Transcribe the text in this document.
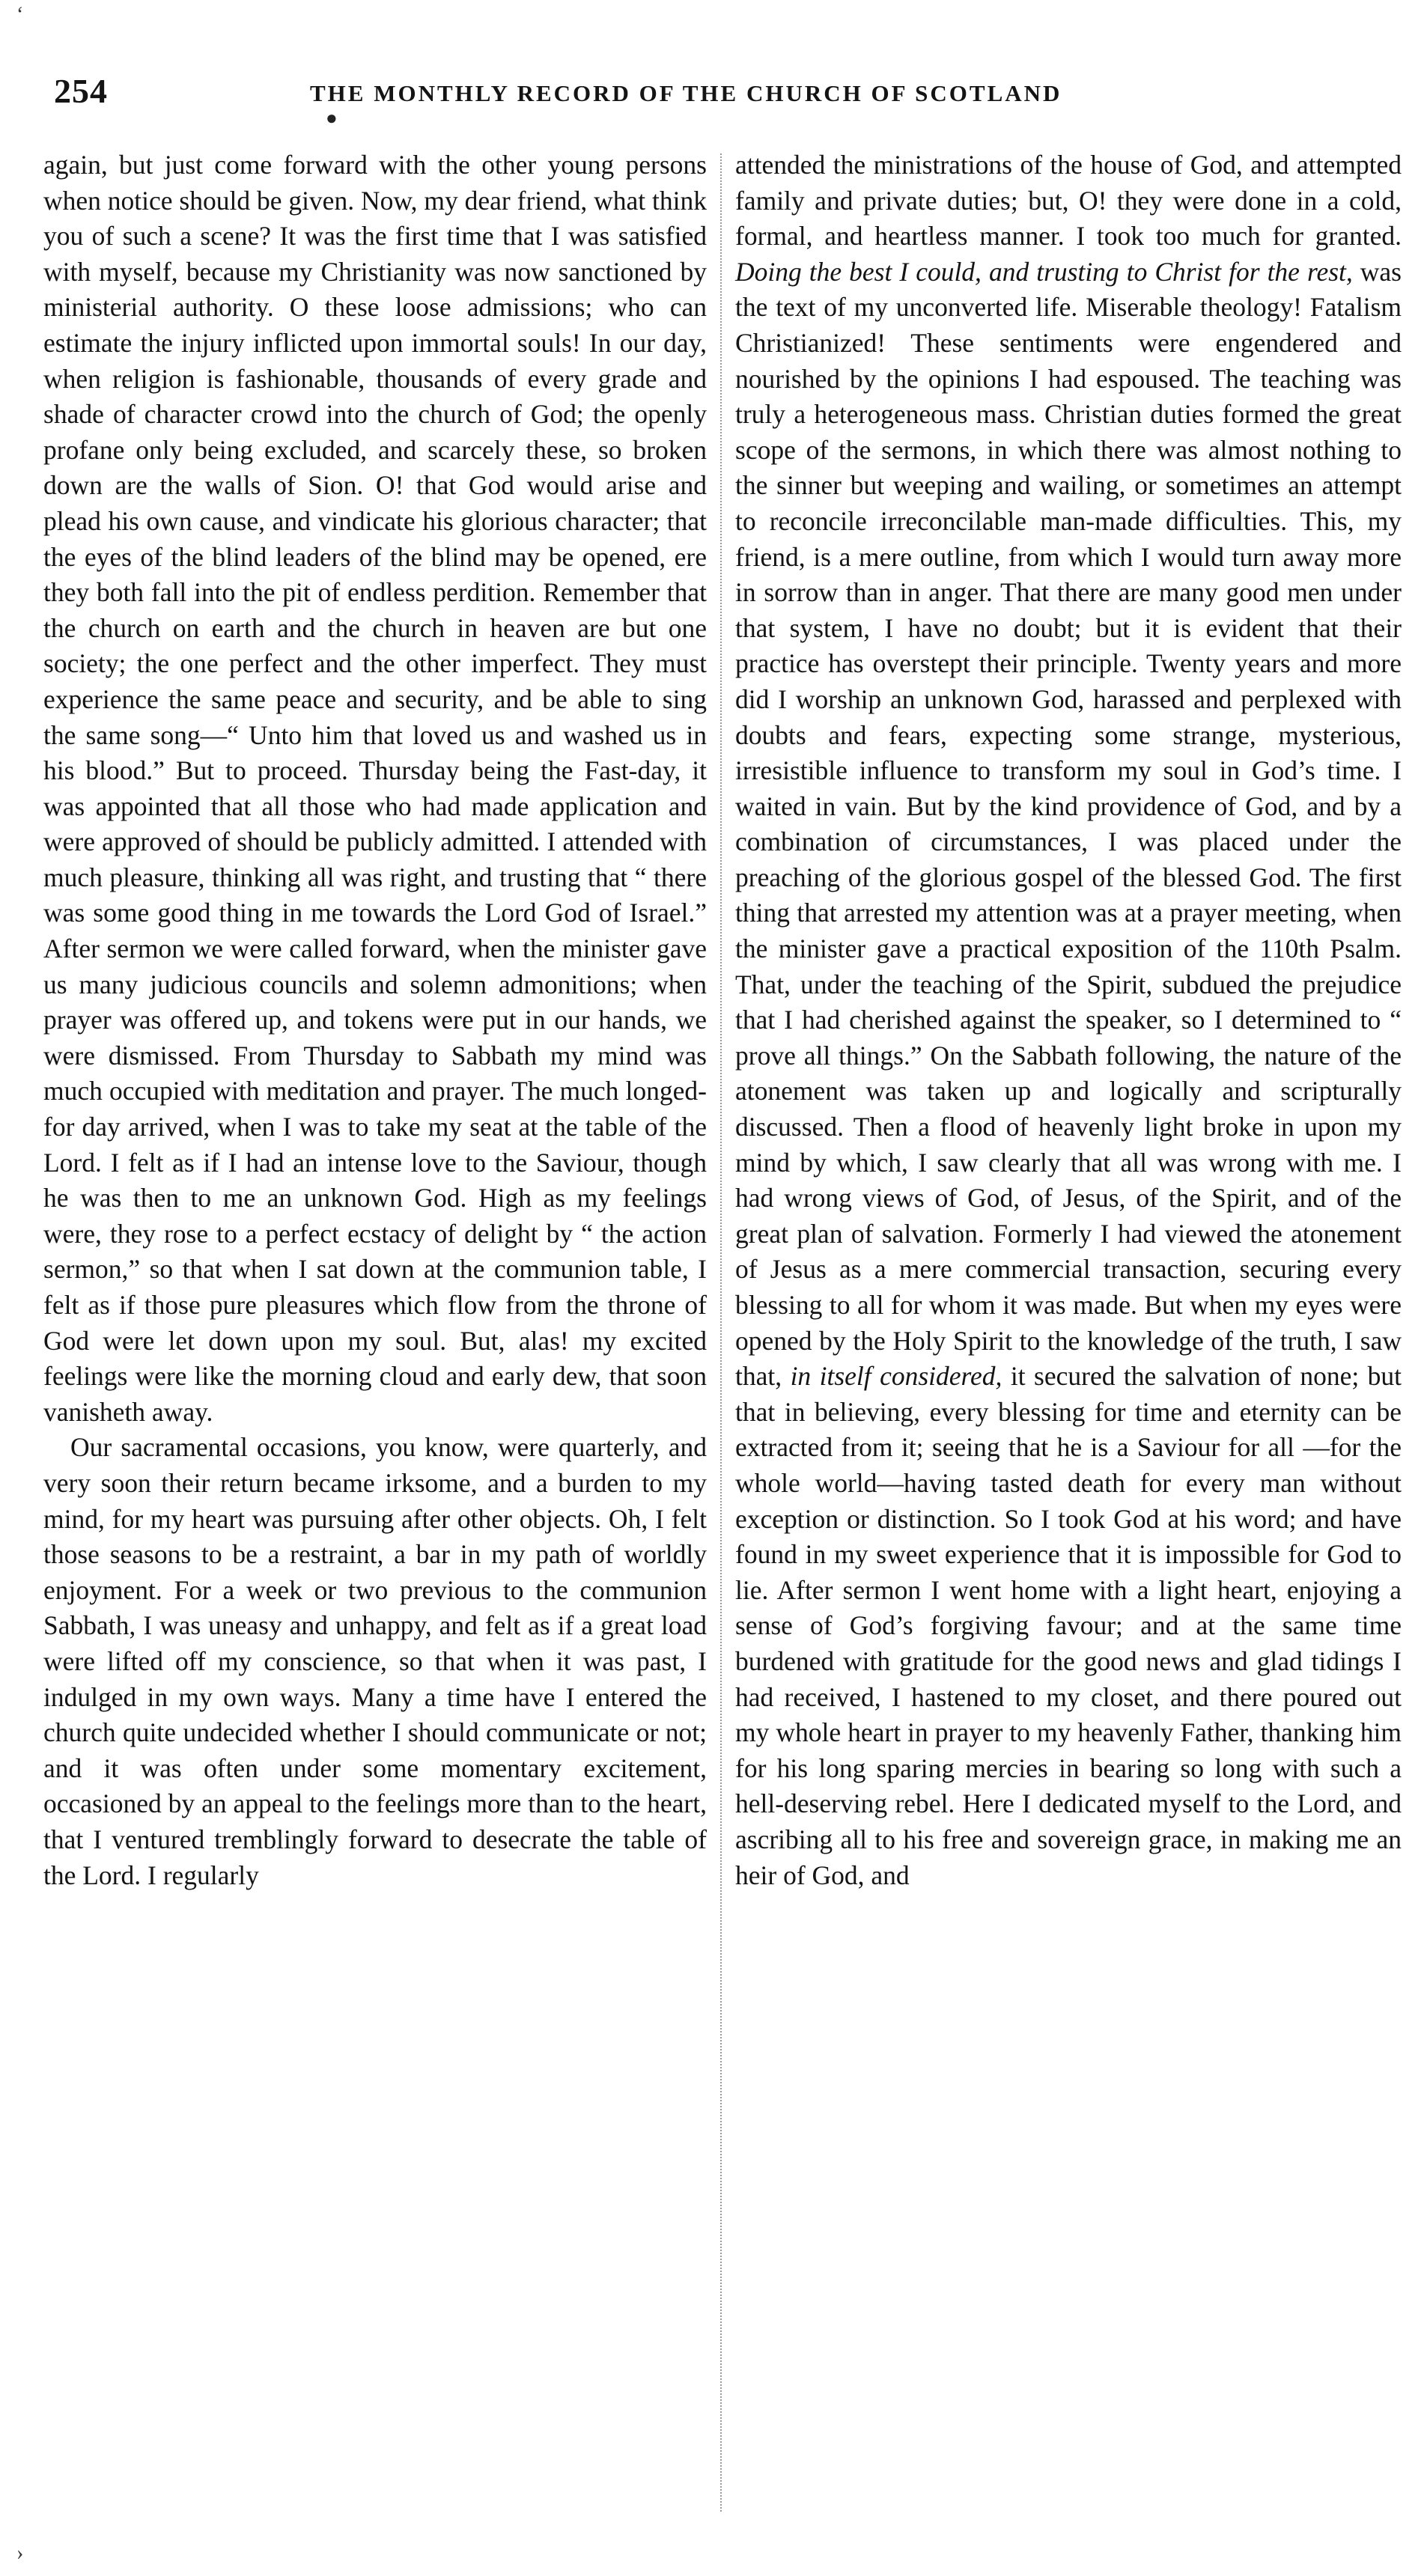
‘
●
254	THE MONTHLY RECORD OF THE CHURCH OF SCOTLAND

again, but just come forward with the other young persons when notice should be given. Now, my dear friend, what think you of such a scene? It was the first time that I was satisfied with myself, because my Christianity was now sanctioned by ministerial authority. O these loose admissions; who can estimate the injury inflicted upon immortal souls! In our day, when religion is fashionable, thousands of every grade and shade of character crowd into the church of God; the openly profane only being excluded, and scarcely these, so broken down are the walls of Sion. O! that God would arise and plead his own cause, and vindicate his glorious character; that the eyes of the blind leaders of the blind may be opened, ere they both fall into the pit of endless perdition. Remember that the church on earth and the church in heaven are but one society; the one perfect and the other imperfect. They must experience the same peace and security, and be able to sing the same song—“ Unto him that loved us and washed us in his blood.” But to proceed. Thursday being the Fast-day, it was appointed that all those who had made application and were approved of should be publicly admitted. I attended with much pleasure, thinking all was right, and trusting that “ there was some good thing in me towards the Lord God of Israel.” After sermon we were called forward, when the minister gave us many judicious councils and solemn admonitions; when prayer was offered up, and tokens were put in our hands, we were dismissed. From Thursday to Sabbath my mind was much occupied with meditation and prayer. The much longed-for day arrived, when I was to take my seat at the table of the Lord. I felt as if I had an intense love to the Saviour, though he was then to me an unknown God. High as my feelings were, they rose to a perfect ecstacy of delight by “ the action sermon,” so that when I sat down at the communion table, I felt as if those pure pleasures which flow from the throne of God were let down upon my soul. But, alas! my excited feelings were like the morning cloud and early dew, that soon vanisheth away.

Our sacramental occasions, you know, were quarterly, and very soon their return became irksome, and a burden to my mind, for my heart was pursuing after other objects. Oh, I felt those seasons to be a restraint, a bar in my path of worldly enjoyment. For a week or two previous to the communion Sabbath, I was uneasy and unhappy, and felt as if a great load were lifted off my conscience, so that when it was past, I indulged in my own ways. Many a time have I entered the church quite undecided whether I should communicate or not; and it was often under some momentary excitement, occasioned by an appeal to the feelings more than to the heart, that I ventured tremblingly forward to desecrate the table of the Lord. I regularly

attended the ministrations of the house of God, and attempted family and private duties; but, O! they were done in a cold, formal, and heartless manner. I took too much for granted. Doing the best I could, and trusting to Christ for the rest, was the text of my unconverted life. Miserable theology! Fatalism Christianized! These sentiments were engendered and nourished by the opinions I had espoused. The teaching was truly a heterogeneous mass. Christian duties formed the great scope of the sermons, in which there was almost nothing to the sinner but weeping and wailing, or sometimes an attempt to reconcile irreconcilable man-made difficulties. This, my friend, is a mere outline, from which I would turn away more in sorrow than in anger. That there are many good men under that system, I have no doubt; but it is evident that their practice has overstept their principle. Twenty years and more did I worship an unknown God, harassed and perplexed with doubts and fears, expecting some strange, mysterious, irresistible influence to transform my soul in God’s time. I waited in vain. But by the kind providence of God, and by a combination of circumstances, I was placed under the preaching of the glorious gospel of the blessed God. The first thing that arrested my attention was at a prayer meeting, when the minister gave a practical exposition of the 110th Psalm. That, under the teaching of the Spirit, subdued the prejudice that I had cherished against the speaker, so I determined to “ prove all things.” On the Sabbath following, the nature of the atonement was taken up and logically and scripturally discussed. Then a flood of heavenly light broke in upon my mind by which, I saw clearly that all was wrong with me. I had wrong views of God, of Jesus, of the Spirit, and of the great plan of salvation. Formerly I had viewed the atonement of Jesus as a mere commercial transaction, securing every blessing to all for whom it was made. But when my eyes were opened by the Holy Spirit to the knowledge of the truth, I saw that, in itself considered, it secured the salvation of none; but that in believing, every blessing for time and eternity can be extracted from it; seeing that he is a Saviour for all —for the whole world—having tasted death for every man without exception or distinction. So I took God at his word; and have found in my sweet experience that it is impossible for God to lie. After sermon I went home with a light heart, enjoying a sense of God’s forgiving favour; and at the same time burdened with gratitude for the good news and glad tidings I had received, I hastened to my closet, and there poured out my whole heart in prayer to my heavenly Father, thanking him for his long sparing mercies in bearing so long with such a hell-deserving rebel. Here I dedicated myself to the Lord, and ascribing all to his free and sovereign grace, in making me an heir of God, and

›
